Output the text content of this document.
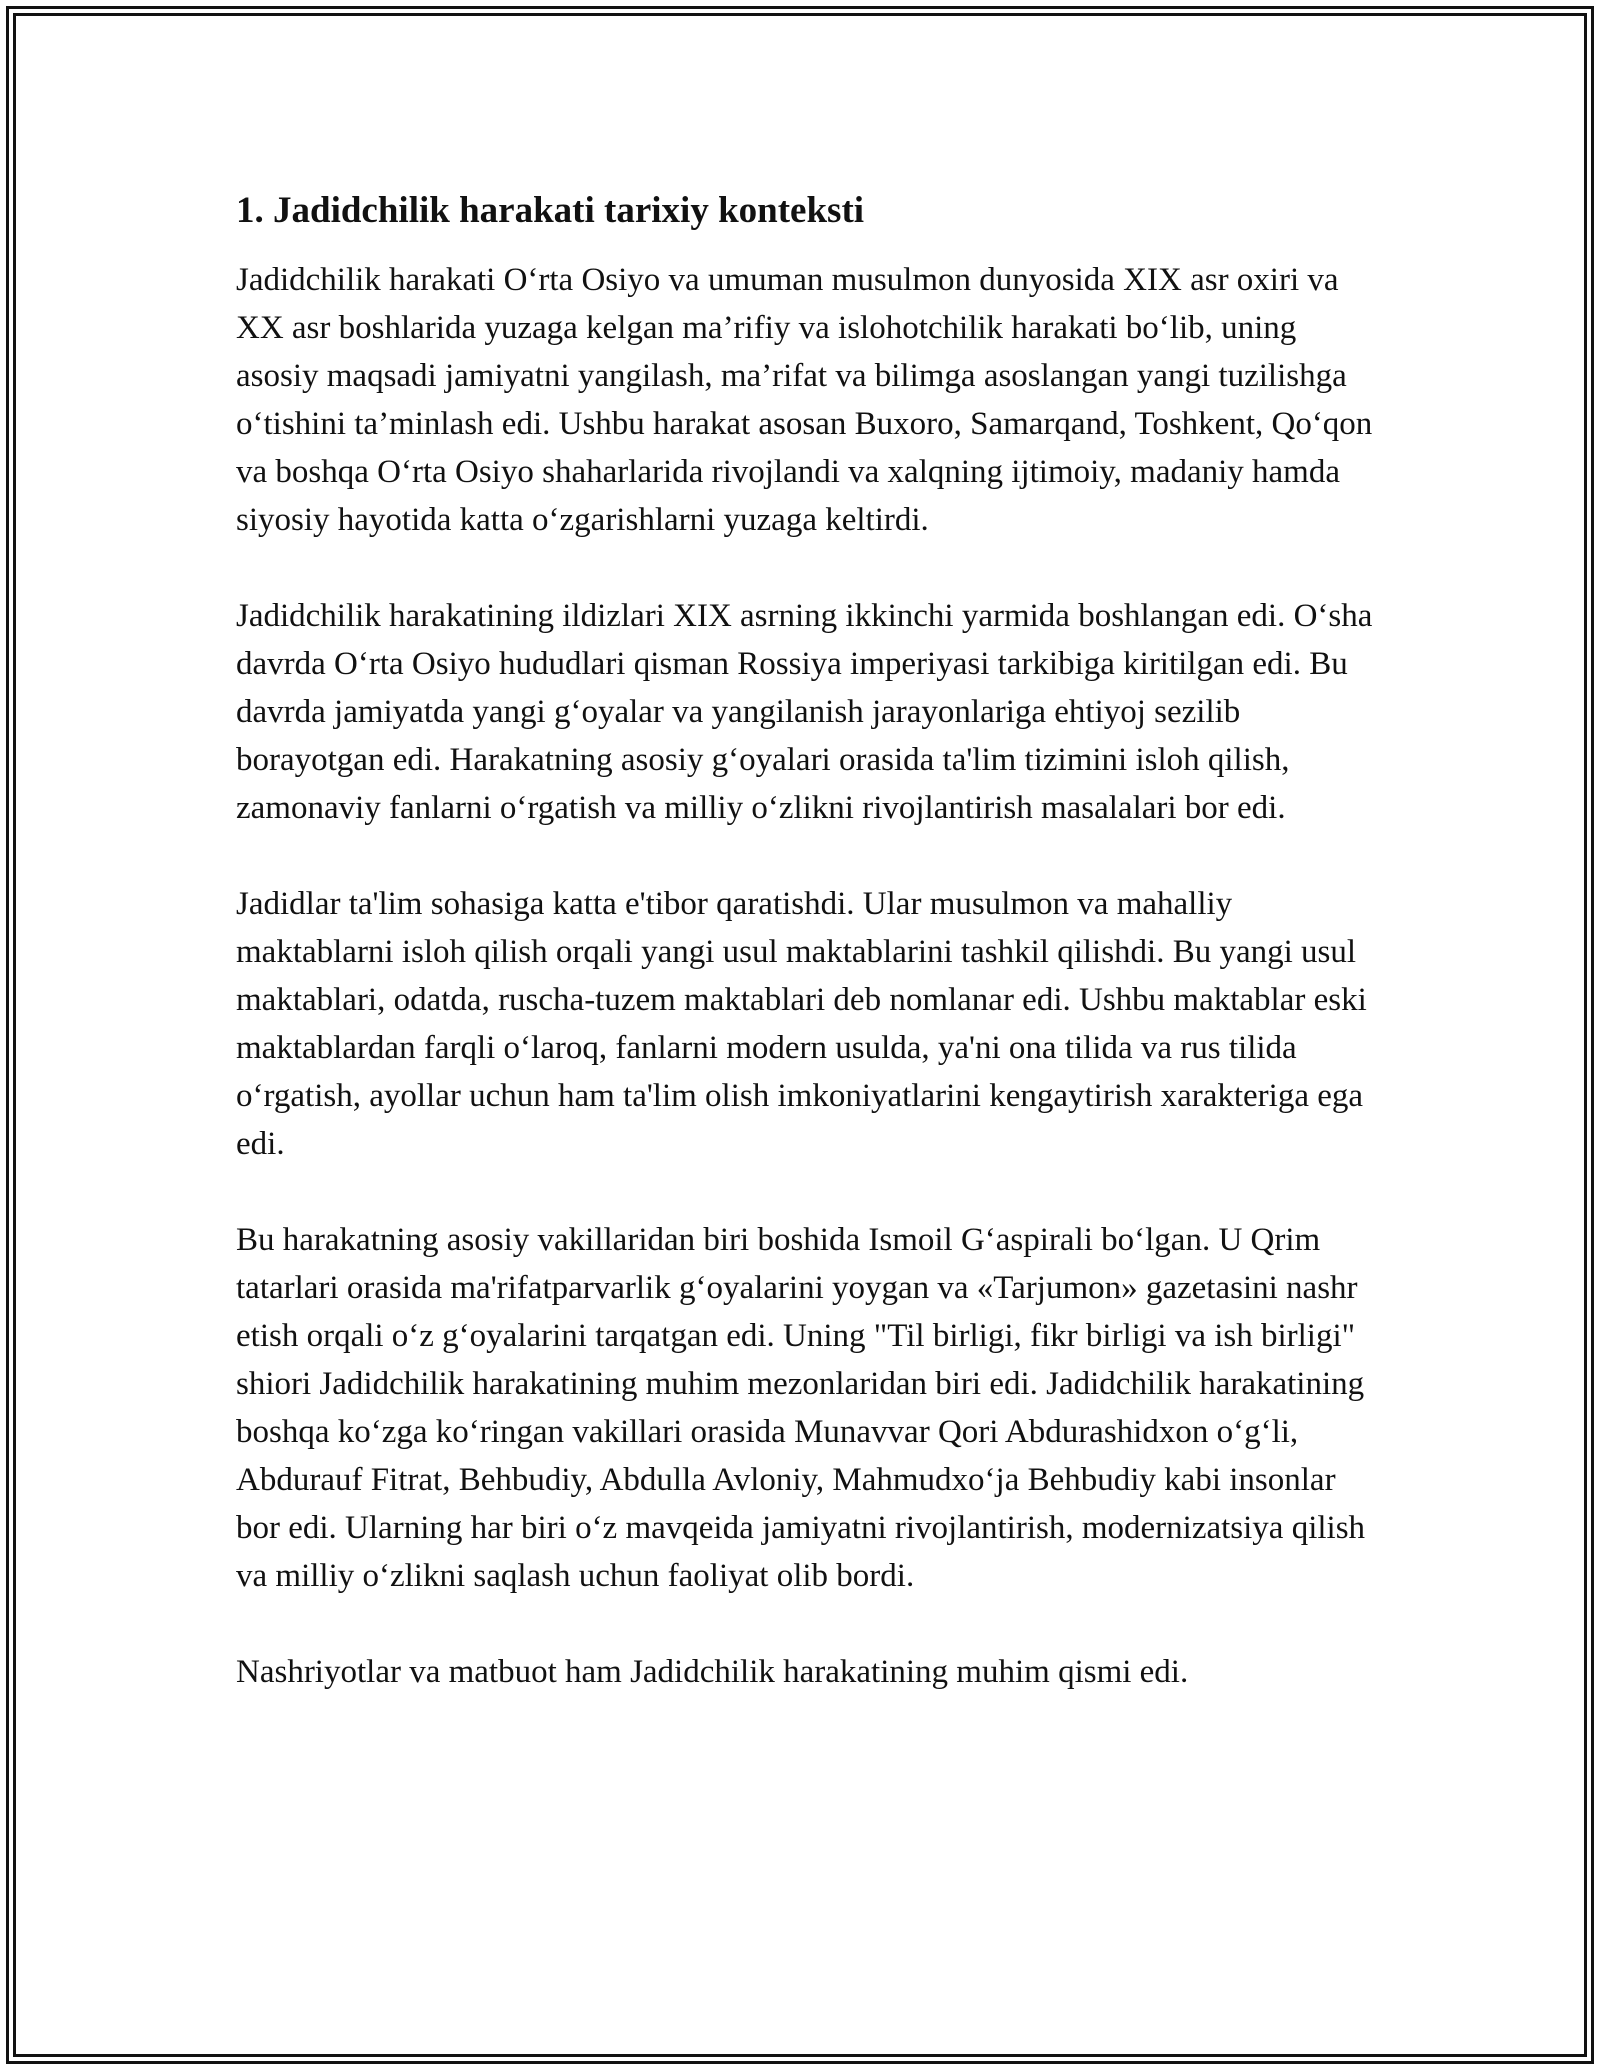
1. Jadidchilik harakati tarixiy konteksti

Jadidchilik harakati O‘rta Osiyo va umuman musulmon dunyosida XIX asr oxiri va XX asr boshlarida yuzaga kelgan ma’rifiy va islohotchilik harakati bo‘lib, uning asosiy maqsadi jamiyatni yangilash, ma’rifat va bilimga asoslangan yangi tuzilishga o‘tishini ta’minlash edi. Ushbu harakat asosan Buxoro, Samarqand, Toshkent, Qo‘qon va boshqa O‘rta Osiyo shaharlarida rivojlandi va xalqning ijtimoiy, madaniy hamda siyosiy hayotida katta o‘zgarishlarni yuzaga keltirdi.

Jadidchilik harakatining ildizlari XIX asrning ikkinchi yarmida boshlangan edi. O‘sha davrda O‘rta Osiyo hududlari qisman Rossiya imperiyasi tarkibiga kiritilgan edi. Bu davrda jamiyatda yangi g‘oyalar va yangilanish jarayonlariga ehtiyoj sezilib borayotgan edi. Harakatning asosiy g‘oyalari orasida ta'lim tizimini isloh qilish, zamonaviy fanlarni o‘rgatish va milliy o‘zlikni rivojlantirish masalalari bor edi.

Jadidlar ta'lim sohasiga katta e'tibor qaratishdi. Ular musulmon va mahalliy maktablarni isloh qilish orqali yangi usul maktablarini tashkil qilishdi. Bu yangi usul maktablari, odatda, ruscha-tuzem maktablari deb nomlanar edi. Ushbu maktablar eski maktablardan farqli o‘laroq, fanlarni modern usulda, ya'ni ona tilida va rus tilida o‘rgatish, ayollar uchun ham ta'lim olish imkoniyatlarini kengaytirish xarakteriga ega edi.

Bu harakatning asosiy vakillaridan biri boshida Ismoil G‘aspirali bo‘lgan. U Qrim tatarlari orasida ma'rifatparvarlik g‘oyalarini yoygan va «Tarjumon» gazetasini nashr etish orqali o‘z g‘oyalarini tarqatgan edi. Uning "Til birligi, fikr birligi va ish birligi" shiori Jadidchilik harakatining muhim mezonlaridan biri edi. Jadidchilik harakatining boshqa ko‘zga ko‘ringan vakillari orasida Munavvar Qori Abdurashidxon o‘g‘li, Abdurauf Fitrat, Behbudiy, Abdulla Avloniy, Mahmudxo‘ja Behbudiy kabi insonlar bor edi. Ularning har biri o‘z mavqeida jamiyatni rivojlantirish, modernizatsiya qilish va milliy o‘zlikni saqlash uchun faoliyat olib bordi.

Nashriyotlar va matbuot ham Jadidchilik harakatining muhim qismi edi.
